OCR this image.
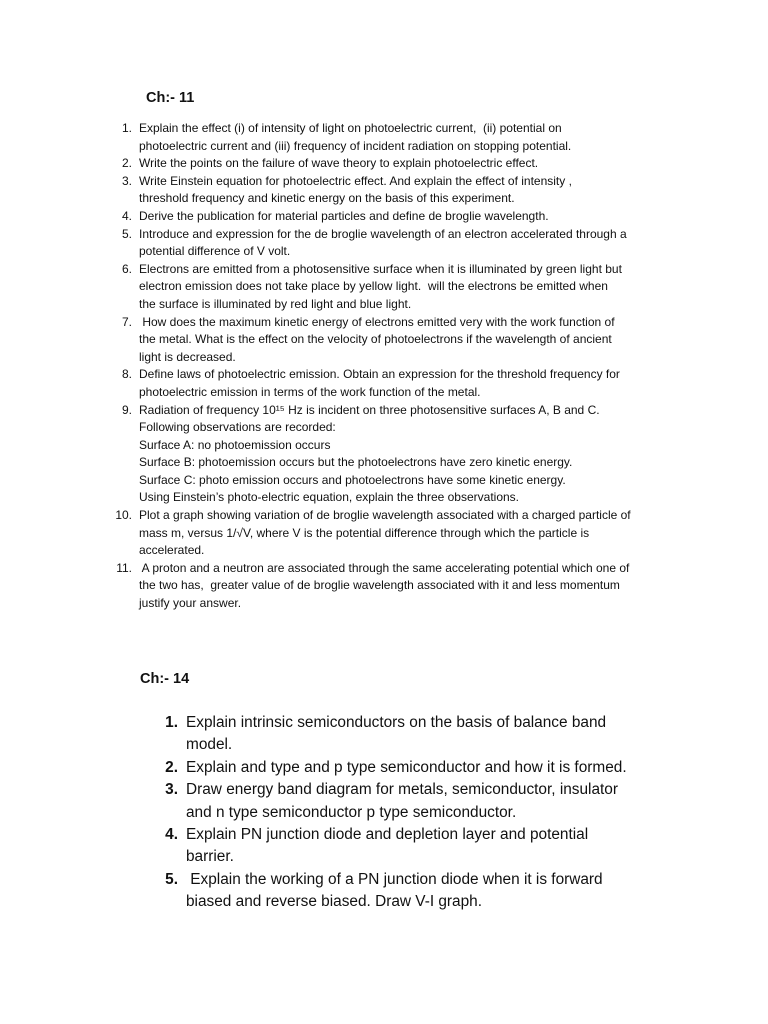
Ch:- 11
1. Explain the effect (i) of intensity of light on photoelectric current,  (ii) potential on
photoelectric current and (iii) frequency of incident radiation on stopping potential.
2. Write the points on the failure of wave theory to explain photoelectric effect.
3. Write Einstein equation for photoelectric effect. And explain the effect of intensity ,
threshold frequency and kinetic energy on the basis of this experiment.
4. Derive the publication for material particles and define de broglie wavelength.
5. Introduce and expression for the de broglie wavelength of an electron accelerated through a
potential difference of V volt.
6. Electrons are emitted from a photosensitive surface when it is illuminated by green light but
electron emission does not take place by yellow light.  will the electrons be emitted when
the surface is illuminated by red light and blue light.
7. How does the maximum kinetic energy of electrons emitted very with the work function of
the metal. What is the effect on the velocity of photoelectrons if the wavelength of ancient
light is decreased.
8. Define laws of photoelectric emission. Obtain an expression for the threshold frequency for
photoelectric emission in terms of the work function of the metal.
9. Radiation of frequency 10¹⁵ Hz is incident on three photosensitive surfaces A, B and C.
Following observations are recorded:
Surface A: no photoemission occurs
Surface B: photoemission occurs but the photoelectrons have zero kinetic energy.
Surface C: photo emission occurs and photoelectrons have some kinetic energy.
Using Einstein’s photo-electric equation, explain the three observations.
10. Plot a graph showing variation of de broglie wavelength associated with a charged particle of
mass m, versus 1/√V, where V is the potential difference through which the particle is
accelerated.
11. A proton and a neutron are associated through the same accelerating potential which one of
the two has,  greater value of de broglie wavelength associated with it and less momentum
justify your answer.
Ch:- 14
1. Explain intrinsic semiconductors on the basis of balance band
model.
2. Explain and type and p type semiconductor and how it is formed.
3. Draw energy band diagram for metals, semiconductor, insulator
and n type semiconductor p type semiconductor.
4. Explain PN junction diode and depletion layer and potential
barrier.
5. Explain the working of a PN junction diode when it is forward
biased and reverse biased. Draw V-I graph.
